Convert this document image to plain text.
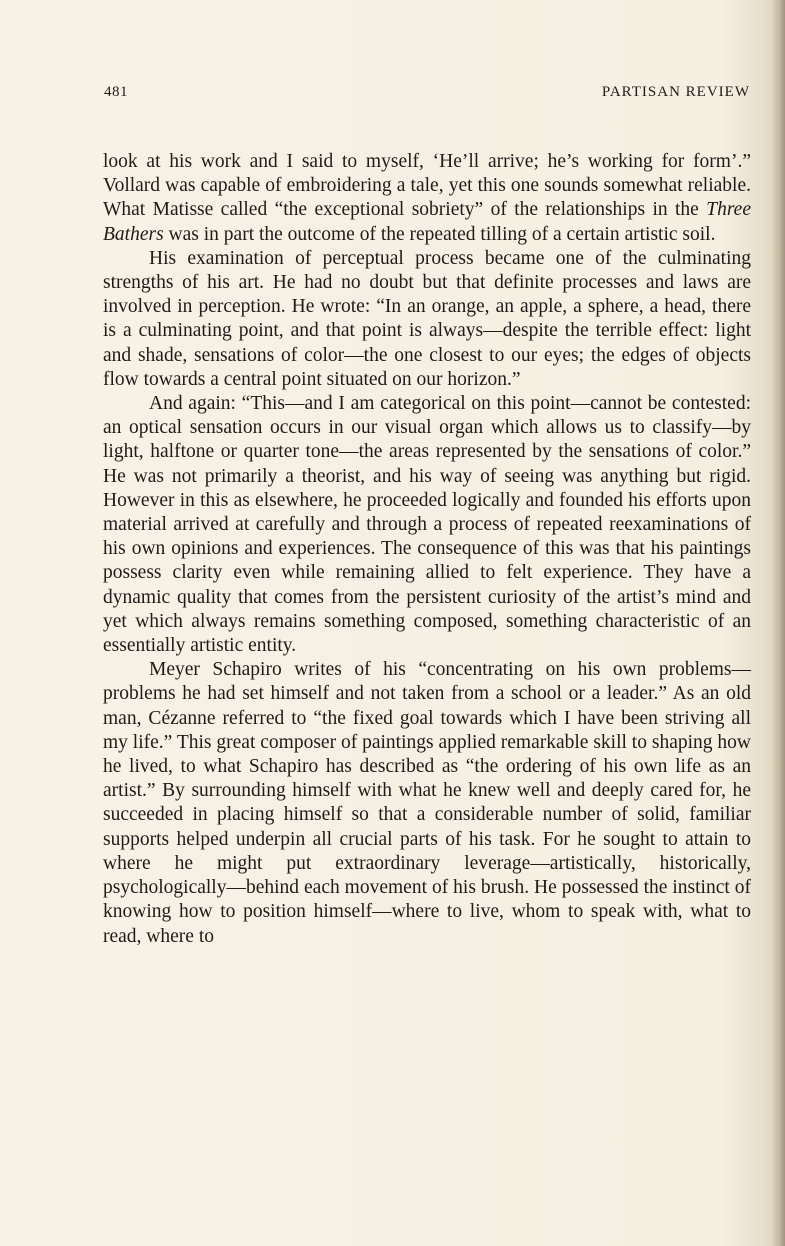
481	PARTISAN REVIEW

look at his work and I said to myself, ‘He’ll arrive; he’s working for form’.” Vollard was capable of embroidering a tale, yet this one sounds somewhat reliable. What Matisse called “the exceptional sobriety” of the relationships in the Three Bathers was in part the outcome of the repeated tilling of a certain artistic soil.

His examination of perceptual process became one of the culminating strengths of his art. He had no doubt but that definite processes and laws are involved in perception. He wrote: “In an orange, an apple, a sphere, a head, there is a culminating point, and that point is always—despite the terrible effect: light and shade, sensations of color—the one closest to our eyes; the edges of objects flow towards a central point situated on our horizon.”

And again: “This—and I am categorical on this point—cannot be contested: an optical sensation occurs in our visual organ which allows us to classify—by light, halftone or quarter tone—the areas represented by the sensations of color.” He was not primarily a theorist, and his way of seeing was anything but rigid. However in this as elsewhere, he proceeded logically and founded his efforts upon material arrived at carefully and through a process of repeated reexaminations of his own opinions and experiences. The consequence of this was that his paintings possess clarity even while remaining allied to felt experience. They have a dynamic quality that comes from the persistent curiosity of the artist’s mind and yet which always remains something composed, something characteristic of an essentially artistic entity.

Meyer Schapiro writes of his “concentrating on his own problems—problems he had set himself and not taken from a school or a leader.” As an old man, Cézanne referred to “the fixed goal towards which I have been striving all my life.” This great composer of paintings applied remarkable skill to shaping how he lived, to what Schapiro has described as “the ordering of his own life as an artist.” By surrounding himself with what he knew well and deeply cared for, he succeeded in placing himself so that a considerable number of solid, familiar supports helped underpin all crucial parts of his task. For he sought to attain to where he might put extraordinary leverage—artistically, historically, psychologically—behind each movement of his brush. He possessed the instinct of knowing how to position himself—where to live, whom to speak with, what to read, where to
